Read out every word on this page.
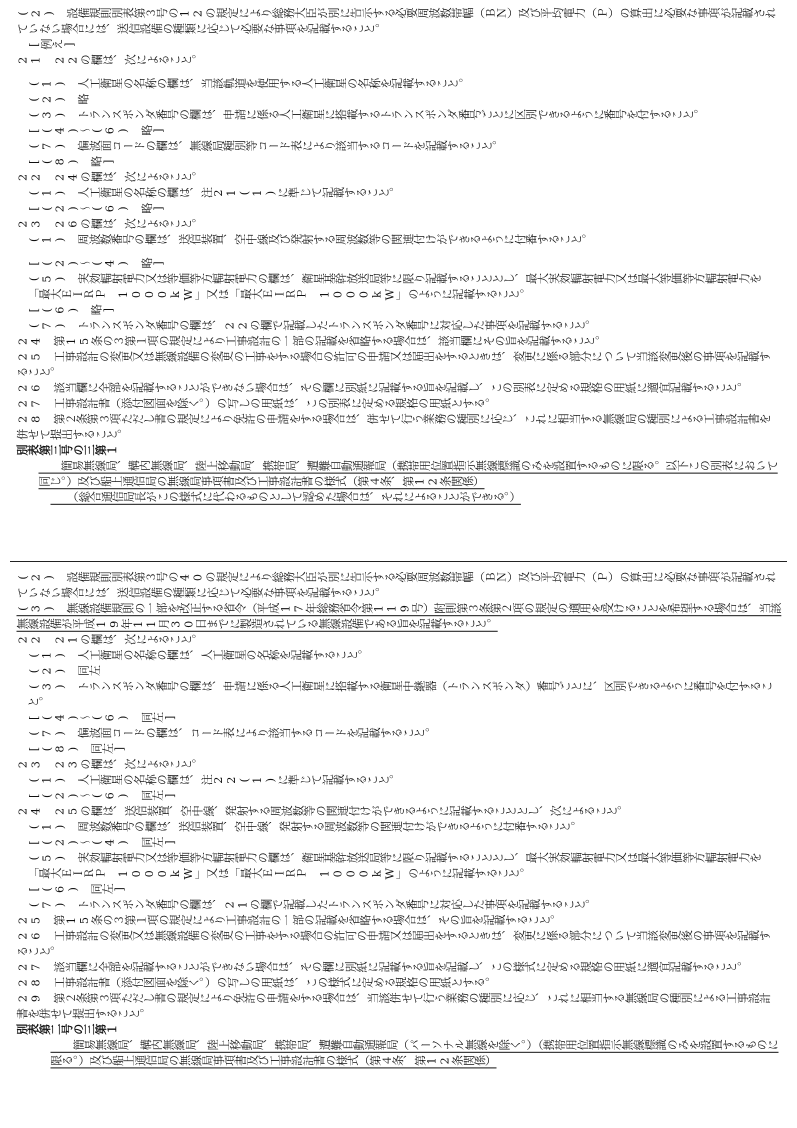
(2)　設備規則別表第３号の12の規定により総務大臣が別に告示する必要周波数帯幅（ＢＮ）及び平均電力（Ｐ）の算出に必要な事項が記載されていない場合には、送信設備の種類に応じて必要な事項を記載すること。

[例え]

21　22の欄は、次によること。

(1)　人工衛星の名称の欄は、当該軌道を使用する人工衛星の名称を記載すること。

(2)　略

(3)　トランスポンダ番号の欄は、申請に係る人工衛星に搭載するトランスポンダ番号ごとに区別できるように番号を付すること。

[(4)～(6)　略]

(7)　偏波面コードの欄は、無線局種別等コード表により該当するコードを記載すること。

[(8)　略]

22　24の欄は、次によること。

(1)　人工衛星の名称の欄は、注21(1)に準じて記載すること。

[(2)～(6)　略]

23　26の欄は、次によること。

(1)　周波数番号の欄は、送信装置、空中線及び発射する周波数等の関連付けができるように付番すること。

[(2)～(4)　略]

(5)　実効輻射電力又は等価等方輻射電力の欄は、衛星基幹放送局等に限り記載することとし、最大実効輻射電力又は最大等価等方輻射電力を「最大ＥＩＲＰ　1000kW」又は「最大ＥＩＲＰ　1000kW」のように記載すること。

[(6)　略]

(7)　トランスポンダ番号の欄は、22の欄で記載したトランスポンダ番号に対応した事項を記載すること。

24　第15条の３第１項の規定により工事設計の一部の記載を省略する場合は、該当欄にその旨を記載すること。

25　工事設計の変更又は無線設備の変更の工事をする場合の許可の申請又は届出をするときは、変更に係る部分について当該変更後の事項を記載すること。

26　該当欄に全部を記載することができない場合は、その欄に別紙に記載する旨を記載し、この別表に定める規格の用紙に適宜記載すること。

27　工事設計書（添付図面を除く。）の写しの用紙は、この別表に定める規格の用紙とする。

28　第２条第３項ただし書の規定により免許の申請をする場合は、併せて行う業務の種別に応じ、これに相当する無線局の種別による工事設計書を併せて提出すること。

別表第三号の三第１

　　簡易無線局、構内無線局、陸上移動局、携帯局、遭難自動通報局（携帯用位置指示無線標識のみを設置するものに限る。以下この別表において同じ。）及び船上通信局の無線局事項書及び工事設計書の様式（第４条、第12条関係）

　　（総合通信局長がこの様式に代わるものとして認めた場合は、それによることができる。）

(2)　設備規則別表第３号の40の規定により総務大臣が別に告示する必要周波数帯幅（ＢＮ）及び平均電力（Ｐ）の算出に必要な事項が記載されていない場合には、送信設備の種類に応じて必要な事項を記載すること。

(3)　無線設備規則の一部を改正する省令（平成17年総務省令第119号）附則第３条第２項の規定の適用を受けることを希望する場合は、当該無線設備が平成19年11月30日までに製造されている無線設備である旨を記載すること。

22　21の欄は、次によること。

(1)　人工衛星の名称の欄は、人工衛星の名称を記載すること。

(2)　同左

(3)　トランスポンダ番号の欄は、申請に係る人工衛星に搭載する衛星中継器（トランスポンダ）番号ごとに、区別できるように番号を付すること。

[(4)～(6)　同左]

(7)　偏波面コードの欄は、コード表により該当するコードを記載すること。

[(8)　同左]

23　23の欄は、次によること。

(1)　人工衛星の名称の欄は、注22(1)に準じて記載すること。

[(2)～(6)　同左]

24　25の欄は、送信装置、空中線、発射する周波数等の関連付けができるように記載することとし、次によること。

(1)　周波数番号の欄は、送信装置、空中線、発射する周波数等の関連付けができるように付番すること。

[(2)～(4)　同左]

(5)　実効輻射電力又は等価等方輻射電力の欄は、衛星基幹放送局等に限り記載することとし、最大実効輻射電力又は最大等価等方輻射電力を「最大ＥＩＲＰ　1000kW」又は「最大ＥＩＲＰ　1000kW」のように記載すること。

[(6)　同左]

(7)　トランスポンダ番号の欄は、21の欄で記載したトランスポンダ番号に対応した事項を記載すること。

25　第15条の３第１項の規定により工事設計の一部の記載を省略する場合は、その旨を記載すること。

26　工事設計の変更又は無線設備の変更の工事をする場合の許可の申請又は届出をするときは、変更に係る部分について当該変更後の事項を記載すること。

27　該当欄に全部を記載することができない場合は、その欄に別紙に記載する旨を記載し、この様式に定める規格の用紙に適宜記載すること。

28　工事設計書（添付図面を除く。）の写しの用紙は、この様式に定める規格の用紙とする。

29　第２条第３項ただし書の規定により免許の申請をする場合は、当該併せて行う業務の種別に応じ、これに相当する無線局の種別による工事設計書を併せて提出すること。

別表第二号の三第１

　　簡易無線局、構内無線局、陸上移動局、携帯局、遭難自動通報局（パーソナル無線を除く。）（携帯用位置指示無線標識のみを設置するものに限る。）及び船上通信局の無線局事項書及び工事設計書の様式（第４条、第12条関係）
